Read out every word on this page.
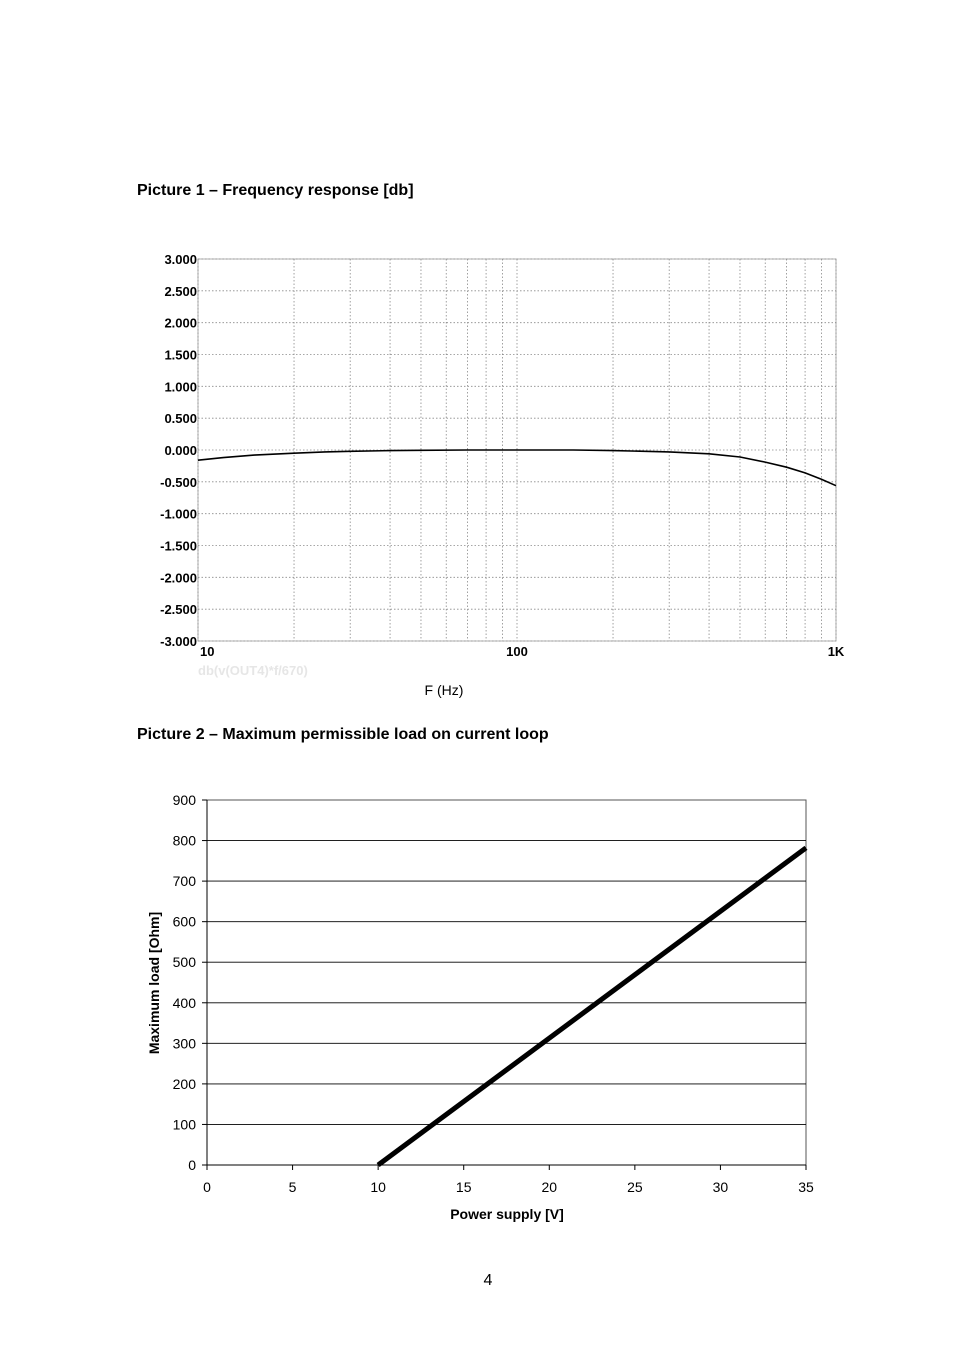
Picture 1 – Frequency response [db]
3.000
2.500
2.000
1.500
1.000
0.500
0.000
-0.500
-1.000
-1.500
-2.000
-2.500
-3.000
10	100	1K
db(v(OUT4)*f/670)
F (Hz)
Picture 2 – Maximum permissible load on current loop
0
100
200
300
400
500
600
700
800
900
0	5	10	15	20	25	30	35
Power supply [V]
Maximum load [Ohm]
4
